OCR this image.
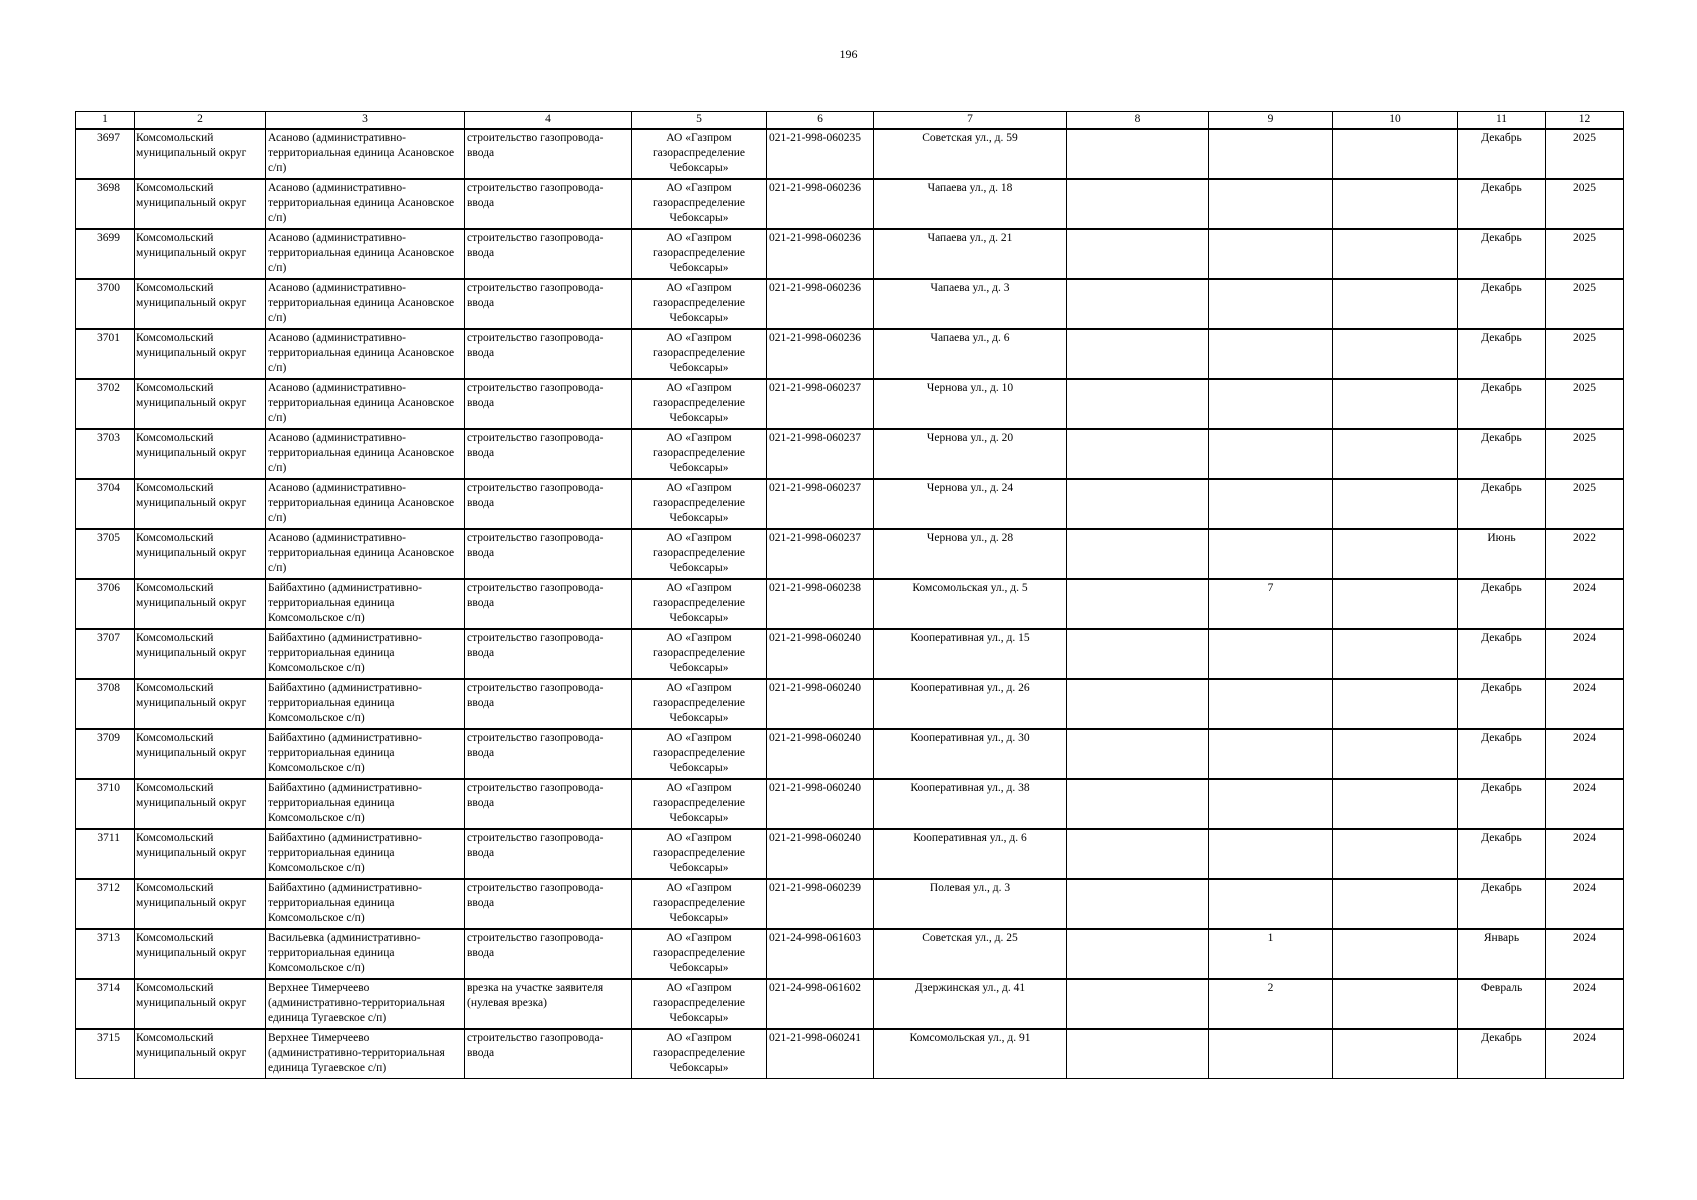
196
1	2	3	4	5	6	7	8	9	10	11	12
3697	Комсомольский муниципальный округ	Асаново (административно-территориальная единица Асановское с/п)	строительство газопровода-ввода	АО «Газпром газораспределение Чебоксары»	021-21-998-060235	Советская ул., д. 59				Декабрь	2025
3698	Комсомольский муниципальный округ	Асаново (административно-территориальная единица Асановское с/п)	строительство газопровода-ввода	АО «Газпром газораспределение Чебоксары»	021-21-998-060236	Чапаева ул., д. 18				Декабрь	2025
3699	Комсомольский муниципальный округ	Асаново (административно-территориальная единица Асановское с/п)	строительство газопровода-ввода	АО «Газпром газораспределение Чебоксары»	021-21-998-060236	Чапаева ул., д. 21				Декабрь	2025
3700	Комсомольский муниципальный округ	Асаново (административно-территориальная единица Асановское с/п)	строительство газопровода-ввода	АО «Газпром газораспределение Чебоксары»	021-21-998-060236	Чапаева ул., д. 3				Декабрь	2025
3701	Комсомольский муниципальный округ	Асаново (административно-территориальная единица Асановское с/п)	строительство газопровода-ввода	АО «Газпром газораспределение Чебоксары»	021-21-998-060236	Чапаева ул., д. 6				Декабрь	2025
3702	Комсомольский муниципальный округ	Асаново (административно-территориальная единица Асановское с/п)	строительство газопровода-ввода	АО «Газпром газораспределение Чебоксары»	021-21-998-060237	Чернова ул., д. 10				Декабрь	2025
3703	Комсомольский муниципальный округ	Асаново (административно-территориальная единица Асановское с/п)	строительство газопровода-ввода	АО «Газпром газораспределение Чебоксары»	021-21-998-060237	Чернова ул., д. 20				Декабрь	2025
3704	Комсомольский муниципальный округ	Асаново (административно-территориальная единица Асановское с/п)	строительство газопровода-ввода	АО «Газпром газораспределение Чебоксары»	021-21-998-060237	Чернова ул., д. 24				Декабрь	2025
3705	Комсомольский муниципальный округ	Асаново (административно-территориальная единица Асановское с/п)	строительство газопровода-ввода	АО «Газпром газораспределение Чебоксары»	021-21-998-060237	Чернова ул., д. 28				Июнь	2022
3706	Комсомольский муниципальный округ	Байбахтино (административно-территориальная единица Комсомольское с/п)	строительство газопровода-ввода	АО «Газпром газораспределение Чебоксары»	021-21-998-060238	Комсомольская ул., д. 5		7		Декабрь	2024
3707	Комсомольский муниципальный округ	Байбахтино (административно-территориальная единица Комсомольское с/п)	строительство газопровода-ввода	АО «Газпром газораспределение Чебоксары»	021-21-998-060240	Кооперативная ул., д. 15				Декабрь	2024
3708	Комсомольский муниципальный округ	Байбахтино (административно-территориальная единица Комсомольское с/п)	строительство газопровода-ввода	АО «Газпром газораспределение Чебоксары»	021-21-998-060240	Кооперативная ул., д. 26				Декабрь	2024
3709	Комсомольский муниципальный округ	Байбахтино (административно-территориальная единица Комсомольское с/п)	строительство газопровода-ввода	АО «Газпром газораспределение Чебоксары»	021-21-998-060240	Кооперативная ул., д. 30				Декабрь	2024
3710	Комсомольский муниципальный округ	Байбахтино (административно-территориальная единица Комсомольское с/п)	строительство газопровода-ввода	АО «Газпром газораспределение Чебоксары»	021-21-998-060240	Кооперативная ул., д. 38				Декабрь	2024
3711	Комсомольский муниципальный округ	Байбахтино (административно-территориальная единица Комсомольское с/п)	строительство газопровода-ввода	АО «Газпром газораспределение Чебоксары»	021-21-998-060240	Кооперативная ул., д. 6				Декабрь	2024
3712	Комсомольский муниципальный округ	Байбахтино (административно-территориальная единица Комсомольское с/п)	строительство газопровода-ввода	АО «Газпром газораспределение Чебоксары»	021-21-998-060239	Полевая ул., д. 3				Декабрь	2024
3713	Комсомольский муниципальный округ	Васильевка (административно-территориальная единица Комсомольское с/п)	строительство газопровода-ввода	АО «Газпром газораспределение Чебоксары»	021-24-998-061603	Советская ул., д. 25		1		Январь	2024
3714	Комсомольский муниципальный округ	Верхнее Тимерчеево (административно-территориальная единица Тугаевское с/п)	врезка на участке заявителя (нулевая врезка)	АО «Газпром газораспределение Чебоксары»	021-24-998-061602	Дзержинская ул., д. 41		2		Февраль	2024
3715	Комсомольский муниципальный округ	Верхнее Тимерчеево (административно-территориальная единица Тугаевское с/п)	строительство газопровода-ввода	АО «Газпром газораспределение Чебоксары»	021-21-998-060241	Комсомольская ул., д. 91				Декабрь	2024
